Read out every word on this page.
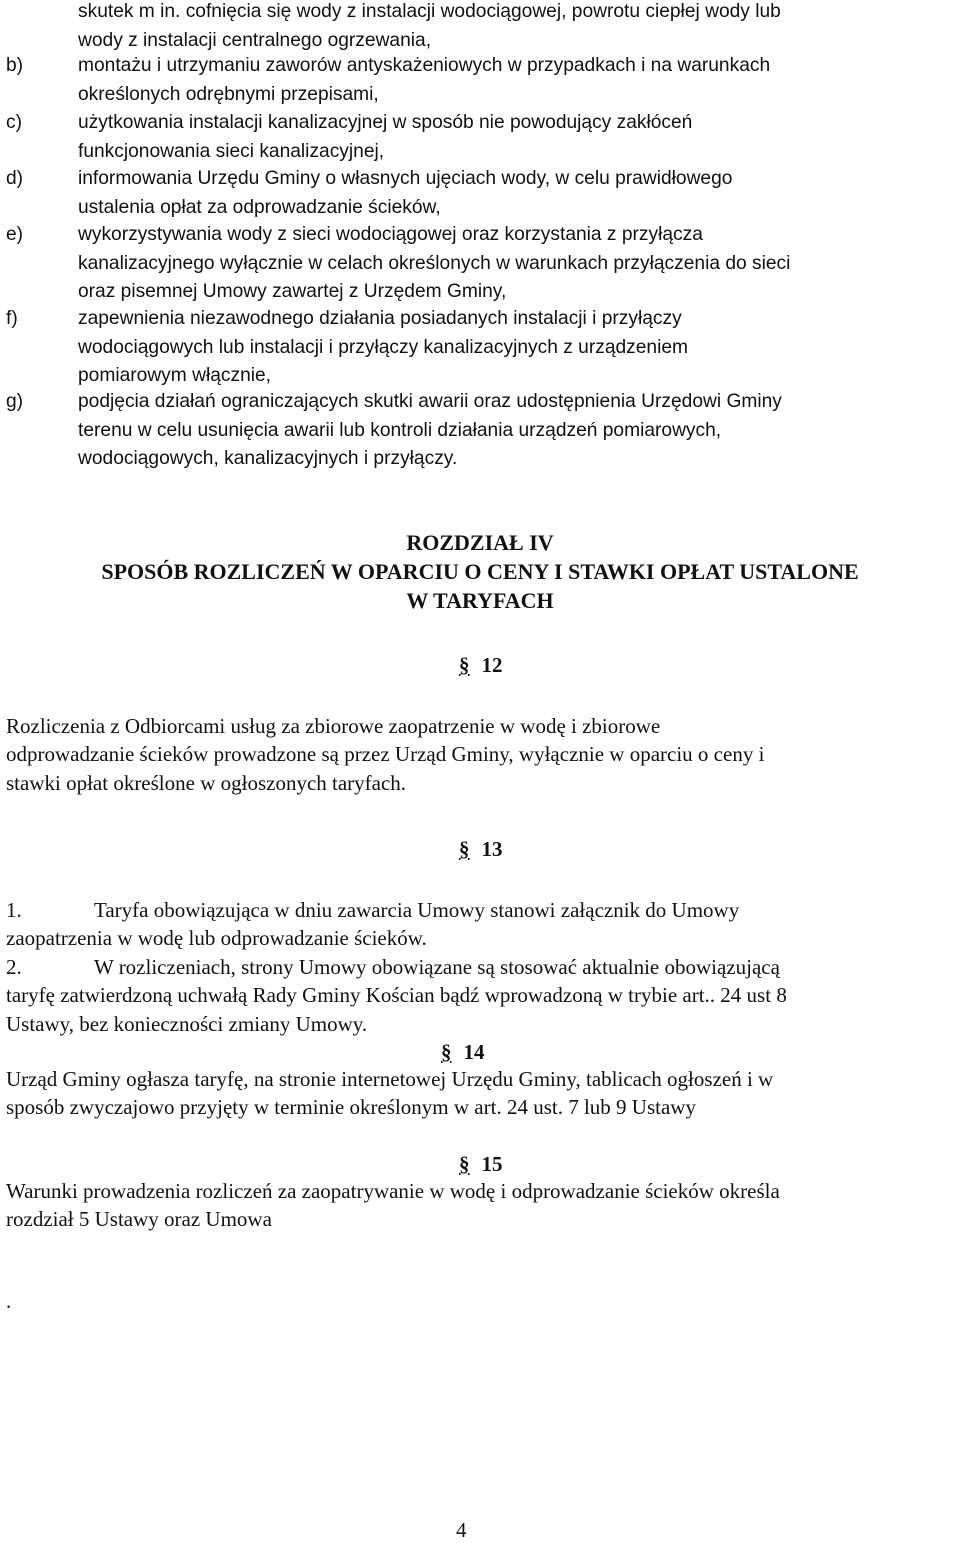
skutek m in. cofnięcia się wody z instalacji wodociągowej, powrotu ciepłej wody lub
wody z instalacji centralnego ogrzewania,
b)	montażu i utrzymaniu zaworów antyskażeniowych w przypadkach i na warunkach
określonych odrębnymi przepisami,
c)	użytkowania instalacji kanalizacyjnej w sposób nie powodujący zakłóceń
funkcjonowania sieci kanalizacyjnej,
d)	informowania Urzędu Gminy o własnych ujęciach wody, w celu prawidłowego
ustalenia opłat za odprowadzanie ścieków,
e)	wykorzystywania wody z sieci wodociągowej oraz korzystania z przyłącza
kanalizacyjnego wyłącznie w celach określonych w warunkach przyłączenia do sieci
oraz pisemnej Umowy zawartej z Urzędem Gminy,
f)	zapewnienia niezawodnego działania posiadanych instalacji i przyłączy
wodociągowych lub instalacji i przyłączy kanalizacyjnych z urządzeniem
pomiarowym włącznie,
g)	podjęcia działań ograniczających skutki awarii oraz udostępnienia Urzędowi Gminy
terenu w celu usunięcia awarii lub kontroli działania urządzeń pomiarowych,
wodociągowych, kanalizacyjnych i przyłączy.
ROZDZIAŁ IV
SPOSÓB ROZLICZEŃ W OPARCIU O CENY I STAWKI OPŁAT USTALONE
W TARYFACH
§ 12
Rozliczenia z Odbiorcami usług za zbiorowe zaopatrzenie w wodę i zbiorowe
odprowadzanie ścieków prowadzone są przez Urząd Gminy, wyłącznie w oparciu o ceny i
stawki opłat określone w ogłoszonych taryfach.
§ 13
1.	Taryfa obowiązująca w dniu zawarcia Umowy stanowi załącznik do Umowy
zaopatrzenia w wodę lub odprowadzanie ścieków.
2.	W rozliczeniach, strony Umowy obowiązane są stosować aktualnie obowiązującą
taryfę zatwierdzoną uchwałą Rady Gminy Kościan bądź wprowadzoną w trybie art.. 24 ust 8
Ustawy, bez konieczności zmiany Umowy.
§ 14
Urząd Gminy ogłasza taryfę, na stronie internetowej Urzędu Gminy, tablicach ogłoszeń i w
sposób zwyczajowo przyjęty w terminie określonym w art. 24 ust. 7 lub 9 Ustawy
§ 15
Warunki prowadzenia rozliczeń za zaopatrywanie w wodę i odprowadzanie ścieków określa
rozdział 5 Ustawy oraz Umowa
.
4
